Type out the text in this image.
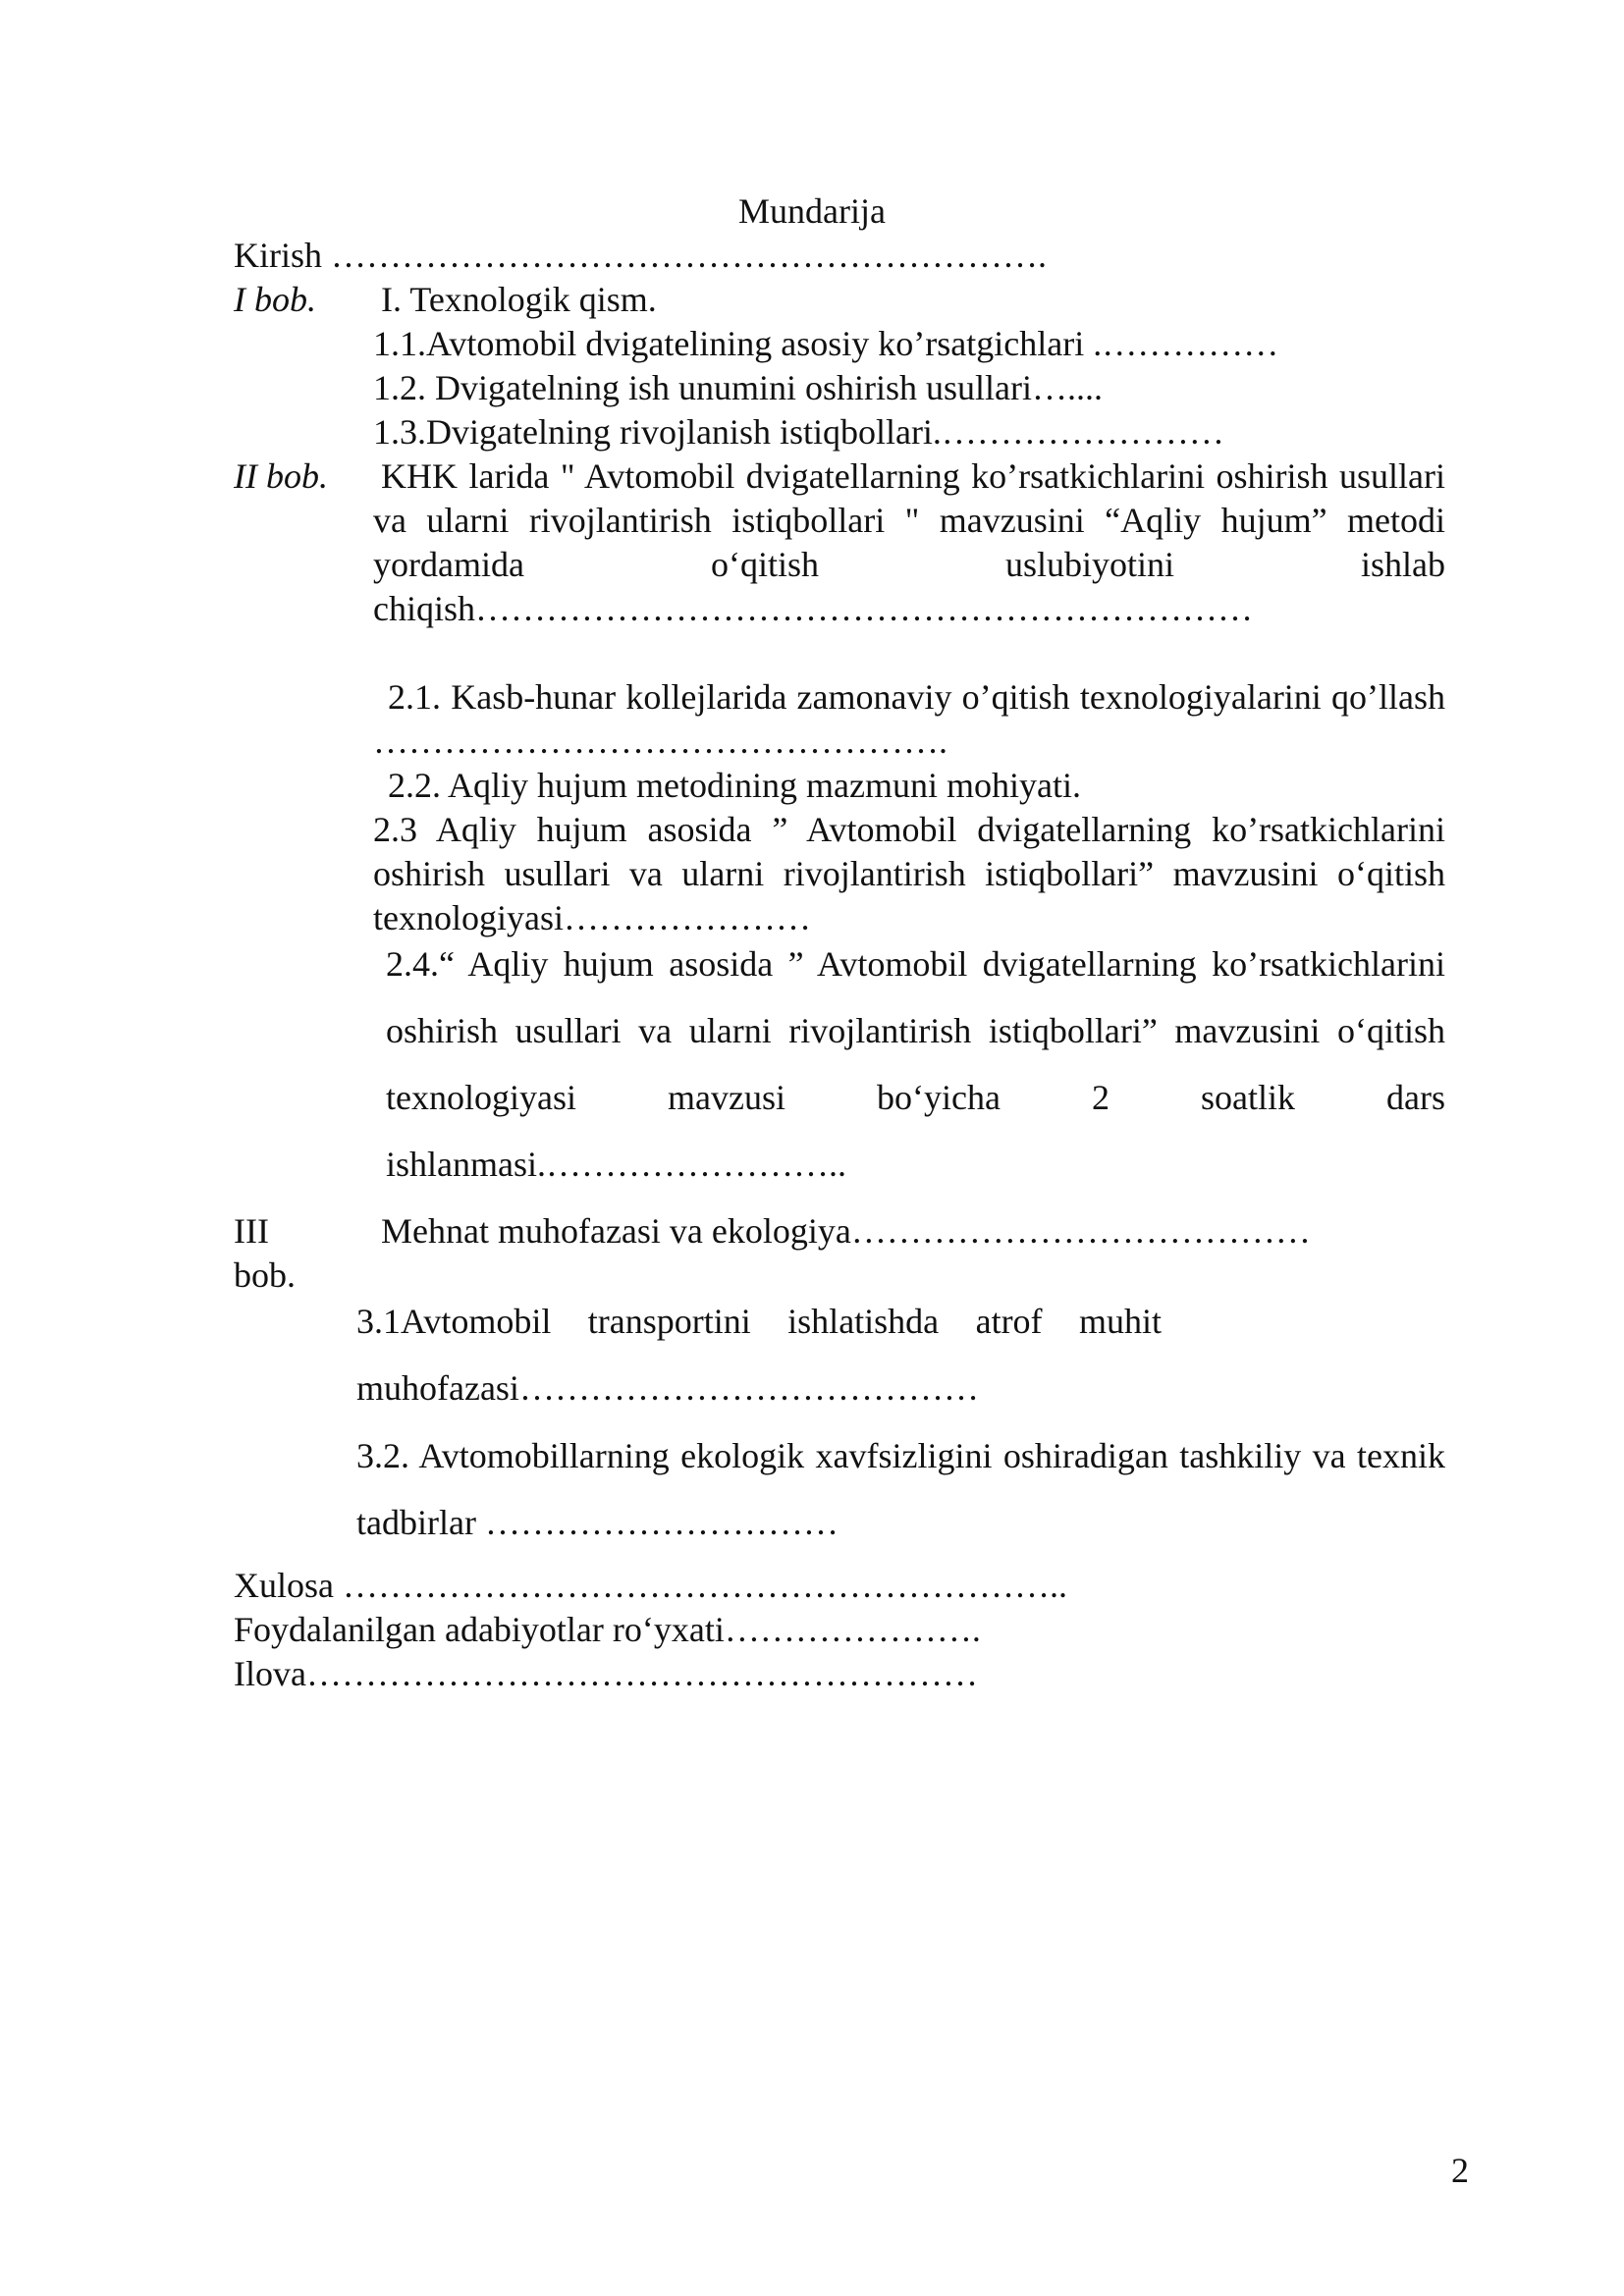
Mundarija
Kirish …………………………………………………….
I bob. I. Texnologik qism.
1.1.Avtomobil dvigatelining asosiy ko’rsatgichlari .……………
1.2. Dvigatelning ish unumini oshirish usullari…....
1.3.Dvigatelning rivojlanish istiqbollari.……………………
II bob. KHK larida " Avtomobil dvigatellarning ko’rsatkichlarini oshirish usullari va ularni rivojlantirish istiqbollari " mavzusini “Aqliy hujum” metodi yordamida o‘qitish uslubiyotini ishlab chiqish…………………………………………………………
2.1. Kasb-hunar kollejlarida zamonaviy o’qitish texnologiyalarini qo’llash ………………………………………….
2.2. Aqliy hujum metodining mazmuni mohiyati.
2.3 Aqliy hujum asosida ” Avtomobil dvigatellarning ko’rsatkichlarini oshirish usullari va ularni rivojlantirish istiqbollari” mavzusini o‘qitish texnologiyasi…………………
2.4.“ Aqliy hujum asosida ” Avtomobil dvigatellarning ko’rsatkichlarini oshirish usullari va ularni rivojlantirish istiqbollari” mavzusini o‘qitish texnologiyasi mavzusi bo‘yicha 2 soatlik dars ishlanmasi.……………………..
III
bob.
Mehnat muhofazasi va ekologiya…………………………………
3.1Avtomobil transportini ishlatishda atrof muhit muhofazasi…………………………………
3.2. Avtomobillarning ekologik xavfsizligini oshiradigan tashkiliy va texnik tadbirlar …………………………
Xulosa ……………………………………………………..
Foydalanilgan adabiyotlar ro‘yxati………………….
Ilova…………………………………………………
2
